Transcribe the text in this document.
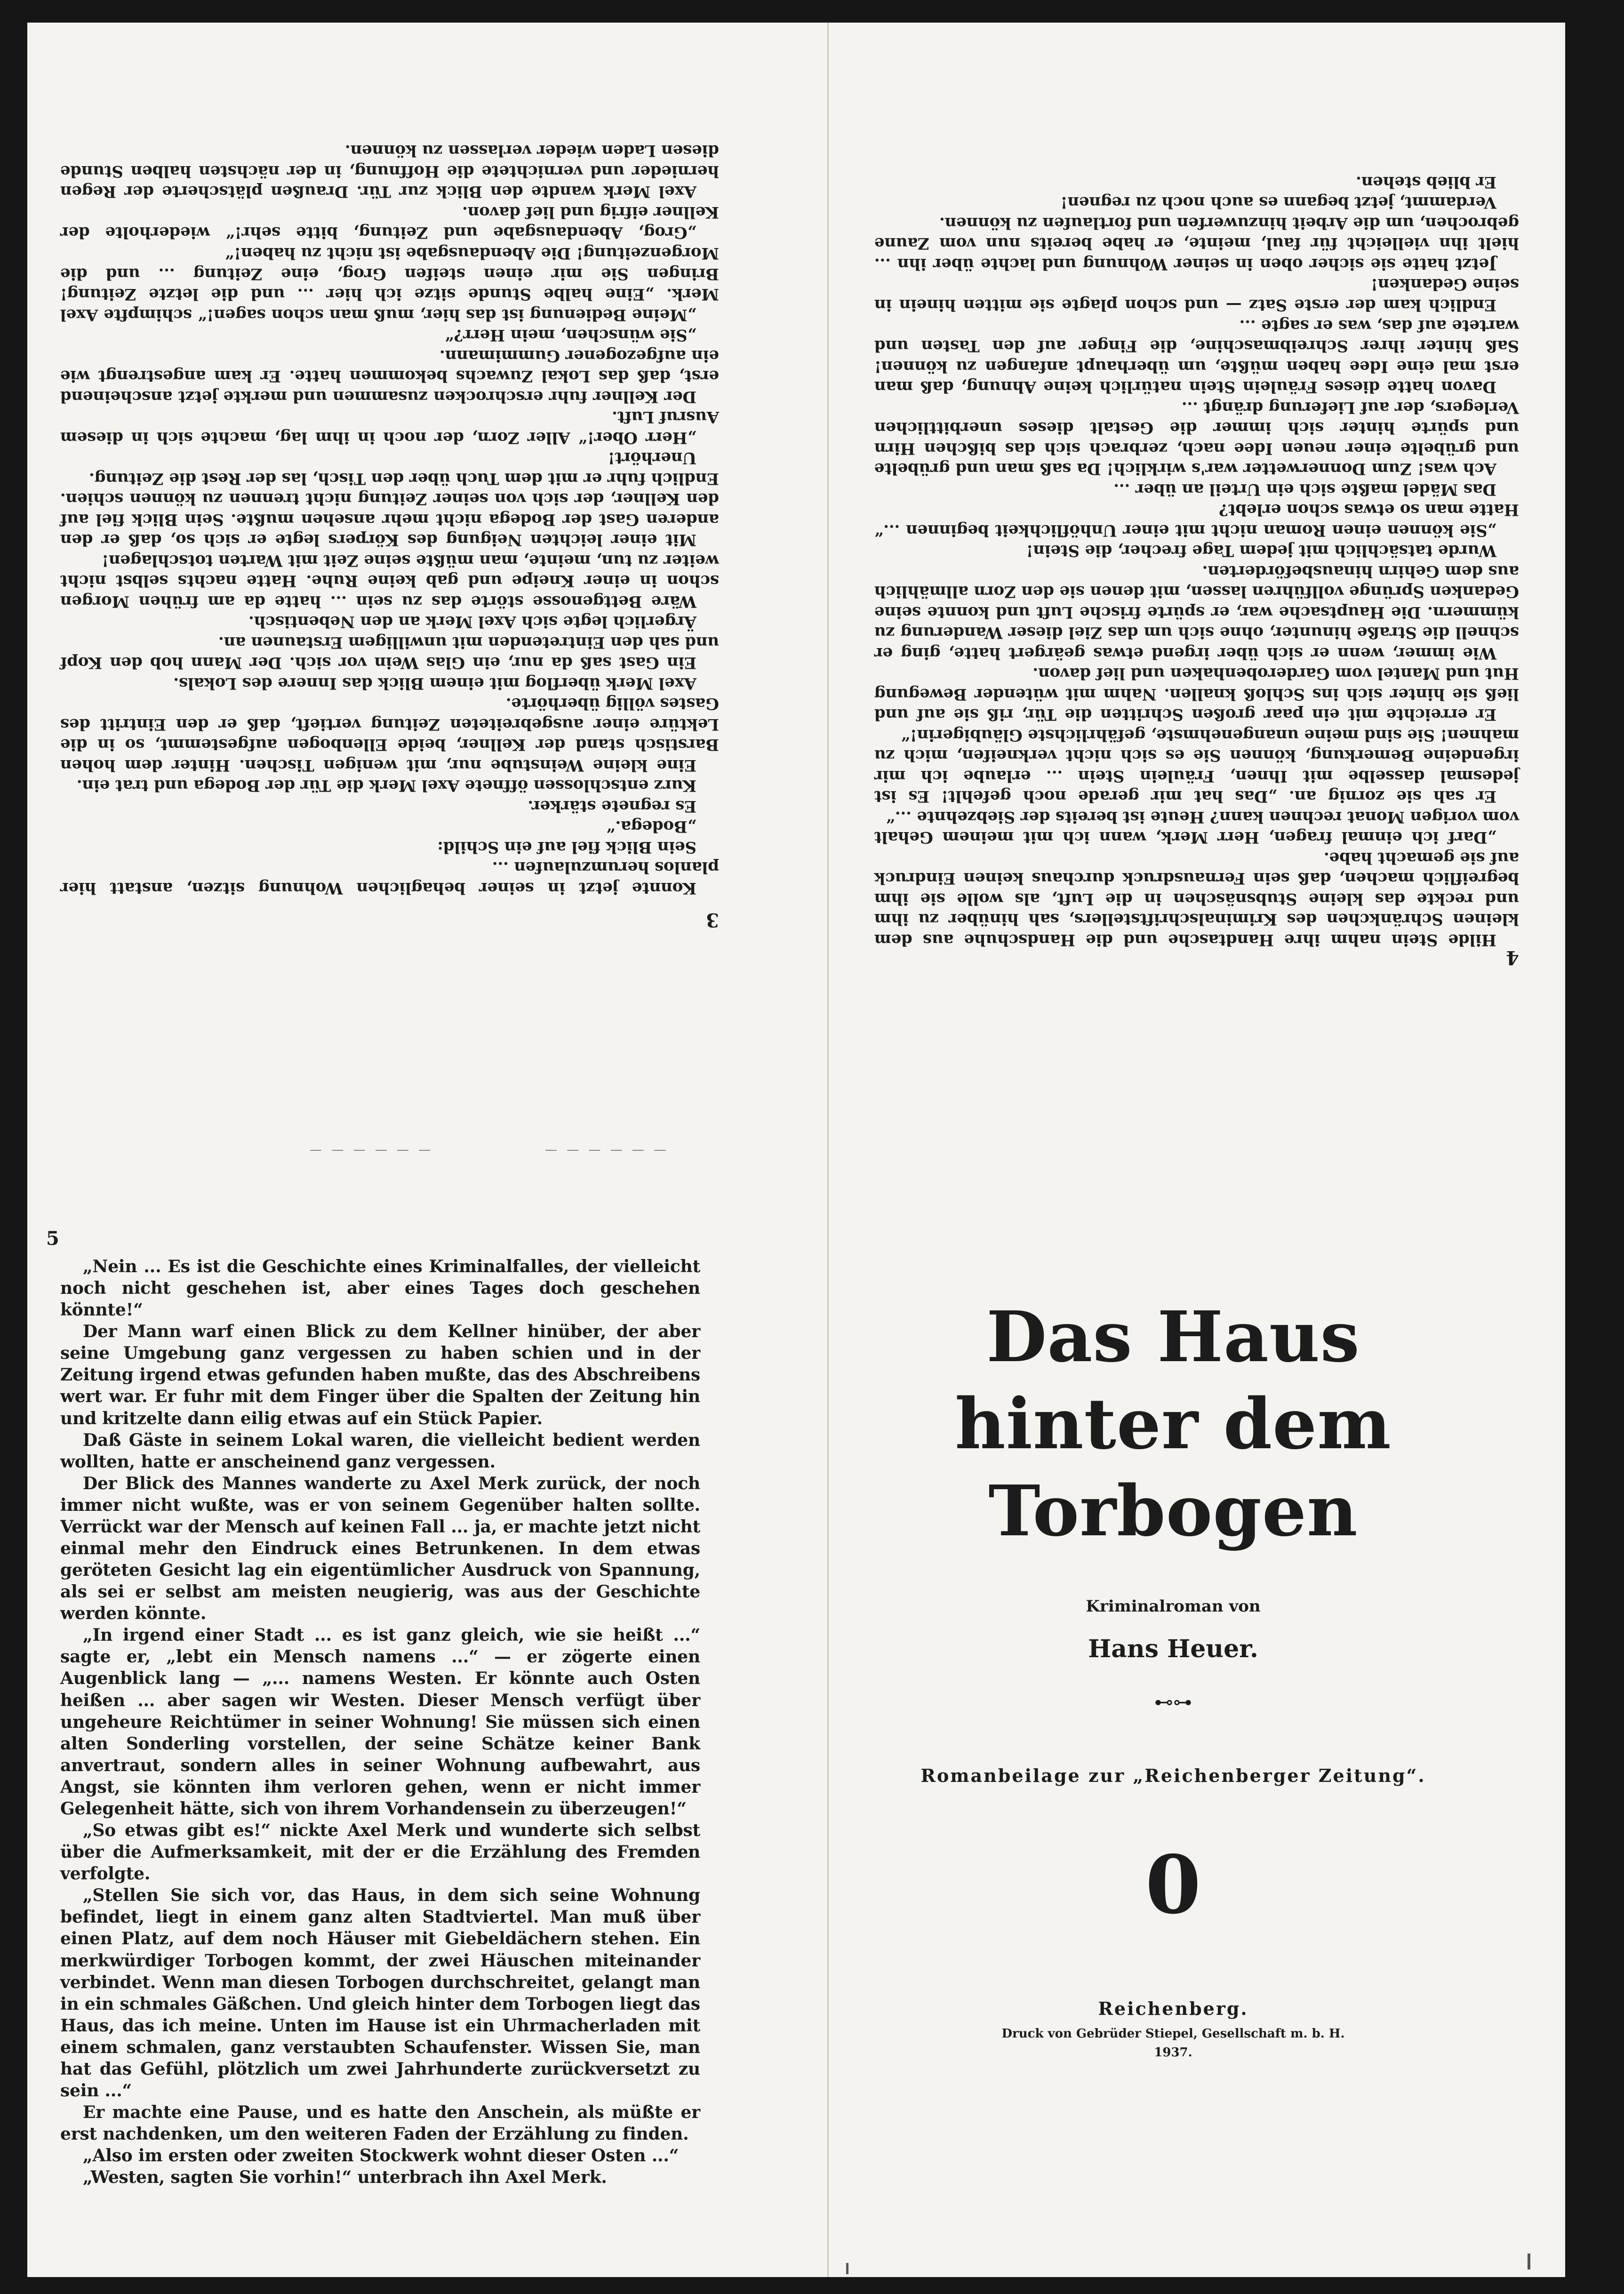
3

Konnte jetzt in seiner behaglichen Wohnung sitzen, anstatt hier planlos herumzulaufen ...

Sein Blick fiel auf ein Schild:

„Bodega.“

Es regnete stärker.

Kurz entschlossen öffnete Axel Merk die Tür der Bodega und trat ein.

Eine kleine Weinstube nur, mit wenigen Tischen. Hinter dem hohen Barstisch stand der Kellner, beide Ellenbogen aufgestemmt, so in die Lektüre einer ausgebreiteten Zeitung vertieft, daß er den Eintritt des Gastes völlig überhörte.

Axel Merk überflog mit einem Blick das Innere des Lokals.

Ein Gast saß da nur, ein Glas Wein vor sich. Der Mann hob den Kopf und sah den Eintretenden mit unwilligem Erstaunen an.

Ärgerlich legte sich Axel Merk an den Nebentisch.

Wäre Bettgenosse störte das zu sein ... hatte da am frühen Morgen schon in einer Kneipe und gab keine Ruhe. Hatte nachts selbst nicht weiter zu tun, meinte, man müßte seine Zeit mit Warten totschlagen!

Mit einer leichten Neigung des Körpers legte er sich so, daß er den anderen Gast der Bodega nicht mehr ansehen mußte. Sein Blick fiel auf den Kellner, der sich von seiner Zeitung nicht trennen zu können schien. Endlich fuhr er mit dem Tuch über den Tisch, las der Rest die Zeitung.

Unerhört!

„Herr Ober!“ Aller Zorn, der noch in ihm lag, machte sich in diesem Ausruf Luft.

Der Kellner fuhr erschrocken zusammen und merkte jetzt anscheinend erst, daß das Lokal Zuwachs bekommen hatte. Er kam angestrengt wie ein aufgezogener Gummimann.

„Sie wünschen, mein Herr?“

„Meine Bedienung ist das hier, muß man schon sagen!“ schimpfte Axel Merk. „Eine halbe Stunde sitze ich hier ... und die letzte Zeitung! Bringen Sie mir einen steifen Grog, eine Zeitung ... und die Morgenzeitung! Die Abendausgabe ist nicht zu haben!“

„Grog, Abendausgabe und Zeitung, bitte sehr!“ wiederholte der Kellner eifrig und lief davon.

Axel Merk wandte den Blick zur Tür. Draußen plätscherte der Regen hernieder und vernichtete die Hoffnung, in der nächsten halben Stunde diesen Laden wieder verlassen zu können.

4

Hilde Stein nahm ihre Handtasche und die Handschuhe aus dem kleinen Schränkchen des Kriminalschriftstellers, sah hinüber zu ihm und reckte das kleine Stubsnäschen in die Luft, als wolle sie ihm begreiflich machen, daß sein Fernausdruck durchaus keinen Eindruck auf sie gemacht habe.

„Darf ich einmal fragen, Herr Merk, wann ich mit meinem Gehalt vom vorigen Monat rechnen kann? Heute ist bereits der Siebzehnte ...“

Er sah sie zornig an. „Das hat mir gerade noch gefehlt! Es ist jedesmal dasselbe mit Ihnen, Fräulein Stein ... erlaube ich mir irgendeine Bemerkung, können Sie es sich nicht verkneifen, mich zu mahnen! Sie sind meine unangenehmste, gefährlichste Gläubigerin!“

Er erreichte mit ein paar großen Schritten die Tür, riß sie auf und ließ sie hinter sich ins Schloß knallen. Nahm mit wütender Bewegung Hut und Mantel vom Garderobenhaken und lief davon.

Wie immer, wenn er sich über irgend etwas geärgert hatte, ging er schnell die Straße hinunter, ohne sich um das Ziel dieser Wanderung zu kümmern. Die Hauptsache war, er spürte frische Luft und konnte seine Gedanken Sprünge vollführen lassen, mit denen sie den Zorn allmählich aus dem Gehirn hinausbeförderten.

Wurde tatsächlich mit jedem Tage frecher, die Stein!

„Sie können einen Roman nicht mit einer Unhöflichkeit beginnen ...“ Hatte man so etwas schon erlebt?

Das Mädel maßte sich ein Urteil an über ...

Ach was! Zum Donnerwetter war's wirklich! Da saß man und grübelte und grübelte einer neuen Idee nach, zerbrach sich das bißchen Hirn und spürte hinter sich immer die Gestalt dieses unerbittlichen Verlegers, der auf Lieferung drängt ...

Davon hatte dieses Fräulein Stein natürlich keine Ahnung, daß man erst mal eine Idee haben müßte, um überhaupt anfangen zu können! Saß hinter ihrer Schreibmaschine, die Finger auf den Tasten und wartete auf das, was er sagte ...

Endlich kam der erste Satz — und schon plagte sie mitten hinein in seine Gedanken!

Jetzt hatte sie sicher oben in seiner Wohnung und lachte über ihn ... hielt ihn vielleicht für faul, meinte, er habe bereits nun vom Zaune gebrochen, um die Arbeit hinzuwerfen und fortlaufen zu können.

Verdammt, jetzt begann es auch noch zu regnen!

Er blieb stehen.

— — — — — —	— — — — — —
5

„Nein ... Es ist die Geschichte eines Kriminalfalles, der vielleicht noch nicht geschehen ist, aber eines Tages doch geschehen könnte!“

Der Mann warf einen Blick zu dem Kellner hinüber, der aber seine Umgebung ganz vergessen zu haben schien und in der Zeitung irgend etwas gefunden haben mußte, das des Abschreibens wert war. Er fuhr mit dem Finger über die Spalten der Zeitung hin und kritzelte dann eilig etwas auf ein Stück Papier.

Daß Gäste in seinem Lokal waren, die vielleicht bedient werden wollten, hatte er anscheinend ganz vergessen.

Der Blick des Mannes wanderte zu Axel Merk zurück, der noch immer nicht wußte, was er von seinem Gegenüber halten sollte. Verrückt war der Mensch auf keinen Fall ... ja, er machte jetzt nicht einmal mehr den Eindruck eines Betrunkenen. In dem etwas geröteten Gesicht lag ein eigentümlicher Ausdruck von Spannung, als sei er selbst am meisten neugierig, was aus der Geschichte werden könnte.

„In irgend einer Stadt ... es ist ganz gleich, wie sie heißt ...“ sagte er, „lebt ein Mensch namens ...“ — er zögerte einen Augenblick lang — „... namens Westen. Er könnte auch Osten heißen ... aber sagen wir Westen. Dieser Mensch verfügt über ungeheure Reichtümer in seiner Wohnung! Sie müssen sich einen alten Sonderling vorstellen, der seine Schätze keiner Bank anvertraut, sondern alles in seiner Wohnung aufbewahrt, aus Angst, sie könnten ihm verloren gehen, wenn er nicht immer Gelegenheit hätte, sich von ihrem Vorhandensein zu überzeugen!“

„So etwas gibt es!“ nickte Axel Merk und wunderte sich selbst über die Aufmerksamkeit, mit der er die Erzählung des Fremden verfolgte.

„Stellen Sie sich vor, das Haus, in dem sich seine Wohnung befindet, liegt in einem ganz alten Stadtviertel. Man muß über einen Platz, auf dem noch Häuser mit Giebeldächern stehen. Ein merkwürdiger Torbogen kommt, der zwei Häuschen miteinander verbindet. Wenn man diesen Torbogen durchschreitet, gelangt man in ein schmales Gäßchen. Und gleich hinter dem Torbogen liegt das Haus, das ich meine. Unten im Hause ist ein Uhrmacherladen mit einem schmalen, ganz verstaubten Schaufenster. Wissen Sie, man hat das Gefühl, plötzlich um zwei Jahrhunderte zurückversetzt zu sein ...“

Er machte eine Pause, und es hatte den Anschein, als müßte er erst nachdenken, um den weiteren Faden der Erzählung zu finden.

„Also im ersten oder zweiten Stockwerk wohnt dieser Osten ...“

„Westen, sagten Sie vorhin!“ unterbrach ihn Axel Merk.

Das Haus

hinter dem Torbogen

Kriminalroman von
Hans Heuer.
⊷⊶
Romanbeilage zur „Reichenberger Zeitung“.
0
Reichenberg.
Druck von Gebrüder Stiepel, Gesellschaft m. b. H.
1937.
